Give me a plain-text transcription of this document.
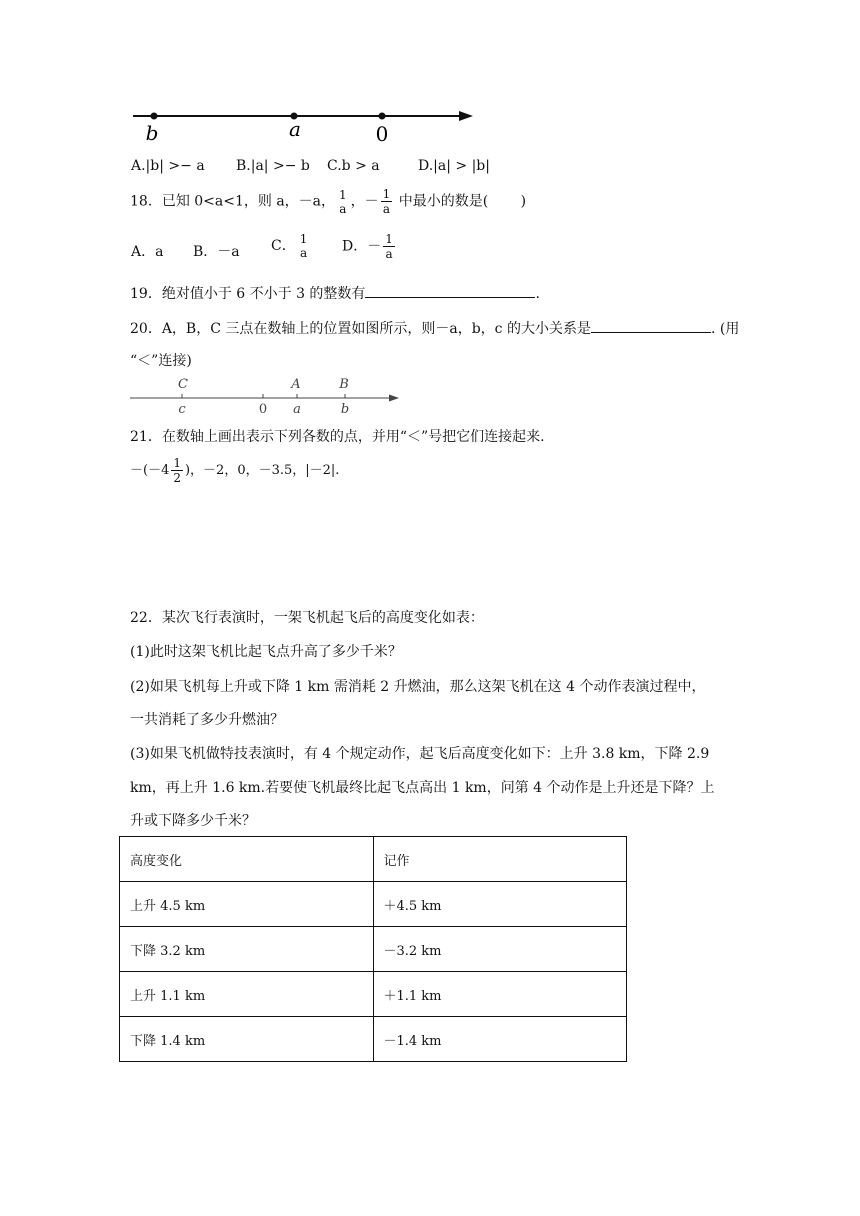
b	a	0
A.|b| >− a B.|a| >− b C.b > a	D.|a| > |b|
18．已知 0<a<1，则 a，－a， 1
a ，－ $\frac{1}{a}$ 中最小的数是(　　 )
A．a B．－a C． 1
a D．－ $\frac{1}{a}$
19．绝对值小于 6 不小于 3 的整数有	.
20．A，B，C 三点在数轴上的位置如图所示，则－a，b，c 的大小关系是	. (用
“＜”连接)
C	A	B
c	0 a	b
21．在数轴上画出表示下列各数的点，并用“＜”号把它们连接起来.
$-(-4 \frac{1}{2}$ )，－2，0，－3.5，|－2|.
22．某次飞行表演时，一架飞机起飞后的高度变化如表：
(1)此时这架飞机比起飞点升高了多少千米？
(2)如果飞机每上升或下降 1 km 需消耗 2 升燃油，那么这架飞机在这 4 个动作表演过程中，
一共消耗了多少升燃油？
(3)如果飞机做特技表演时，有 4 个规定动作，起飞后高度变化如下：上升 3.8 km，下降 2.9
km，再上升 1.6 km.若要使飞机最终比起飞点高出 1 km，问第 4 个动作是上升还是下降？上
升或下降多少千米？
高度变化	记作
上升 4.5 km	＋4.5 km
下降 3.2 km	－3.2 km
上升 1.1 km	＋1.1 km
下降 1.4 km	－1.4 km
